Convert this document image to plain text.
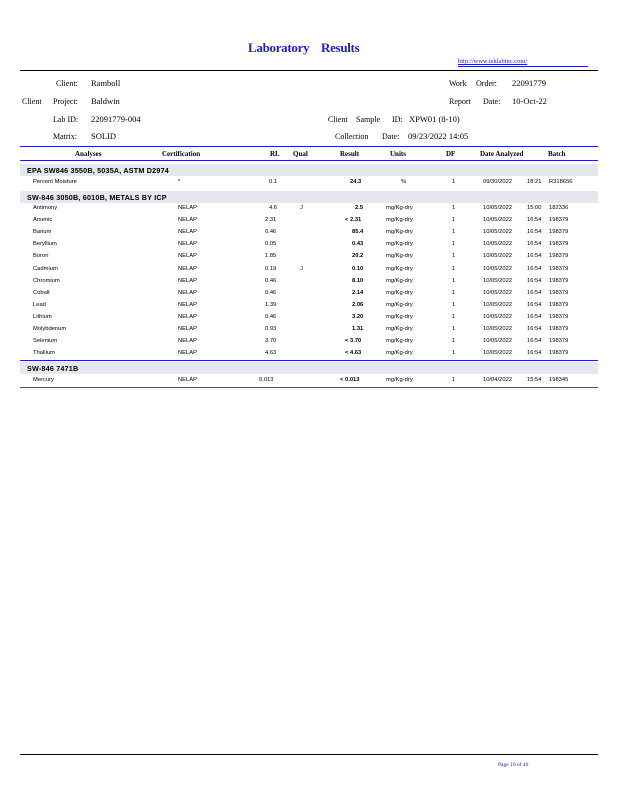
Laboratory Results
http://www.teklabinc.com/
Client: Ramboll
Client Project: Baldwin
Lab ID: 22091779-004
Matrix: SOLID
Work Order: 22091779
Report Date: 10-Oct-22
Client Sample ID: XPW01 (8-10)
Collection Date: 09/23/2022 14:05
Analyses	Certification	RL Qual	Result	Units	DF	Date Analyzed	Batch
EPA SW846 3550B, 5035A, ASTM D2974
Percent Moisture	*	0.1	24.3	%	1	09/30/2022	18:21 R318656
SW-846 3050B, 6010B, METALS BY ICP
Antimony	NELAP	4.6	J	2.5	mg/Kg-dry	1	10/05/2022	15:00 182336
Arsenic	NELAP	2.31	< 2.31	mg/Kg-dry	1	10/05/2022	16:54 198379
Barium	NELAP	0.46	85.4	mg/Kg-dry	1	10/05/2022	16:54 198379
Beryllium	NELAP	0.05	0.43	mg/Kg-dry	1	10/05/2022	16:54 198379
Boron	NELAP	1.85	20.2	mg/Kg-dry	1	10/05/2022	16:54 198379
Cadmium	NELAP	0.19	J	0.10	mg/Kg-dry	1	10/05/2022	16:54 198379
Chromium	NELAP	0.46	8.10	mg/Kg-dry	1	10/05/2022	16:54 198379
Cobalt	NELAP	0.46	2.14	mg/Kg-dry	1	10/05/2022	16:54 198379
Lead	NELAP	1.39	2.06	mg/Kg-dry	1	10/05/2022	16:54 198379
Lithium	NELAP	0.46	3.20	mg/Kg-dry	1	10/05/2022	16:54 198379
Molybdenum	NELAP	0.93	1.31	mg/Kg-dry	1	10/05/2022	16:54 198379
Selenium	NELAP	3.70	< 3.70	mg/Kg-dry	1	10/05/2022	16:54 198379
Thallium	NELAP	4.63	< 4.63	mg/Kg-dry	1	10/05/2022	16:54 198379
SW-846 7471B
Mercury	NELAP	0.013	< 0.013	mg/Kg-dry	1	10/04/2022	15:54 198345
Page 10 of 46
